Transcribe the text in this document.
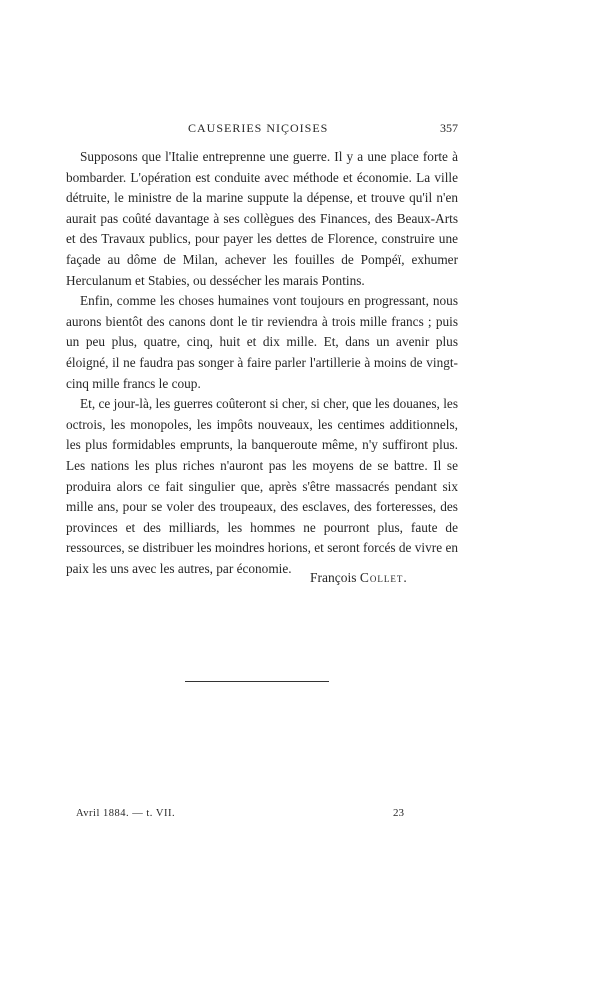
CAUSERIES NIÇOISES	357

Supposons que l'Italie entreprenne une guerre. Il y a une place forte à bombarder. L'opération est conduite avec méthode et économie. La ville détruite, le ministre de la marine suppute la dépense, et trouve qu'il n'en aurait pas coûté davantage à ses collègues des Finances, des Beaux-Arts et des Travaux publics, pour payer les dettes de Florence, construire une façade au dôme de Milan, achever les fouilles de Pompéï, exhumer Herculanum et Stabies, ou dessécher les marais Pontins.

Enfin, comme les choses humaines vont toujours en progressant, nous aurons bientôt des canons dont le tir reviendra à trois mille francs ; puis un peu plus, quatre, cinq, huit et dix mille. Et, dans un avenir plus éloigné, il ne faudra pas songer à faire parler l'artillerie à moins de vingt-cinq mille francs le coup.

Et, ce jour-là, les guerres coûteront si cher, si cher, que les douanes, les octrois, les monopoles, les impôts nouveaux, les centimes additionnels, les plus formidables emprunts, la banqueroute même, n'y suffiront plus. Les nations les plus riches n'auront pas les moyens de se battre. Il se produira alors ce fait singulier que, après s'être massacrés pendant six mille ans, pour se voler des troupeaux, des esclaves, des forteresses, des provinces et des milliards, les hommes ne pourront plus, faute de ressources, se distribuer les moindres horions, et seront forcés de vivre en paix les uns avec les autres, par économie.

François Collet.
Avril 1884. — t. VII.	23
